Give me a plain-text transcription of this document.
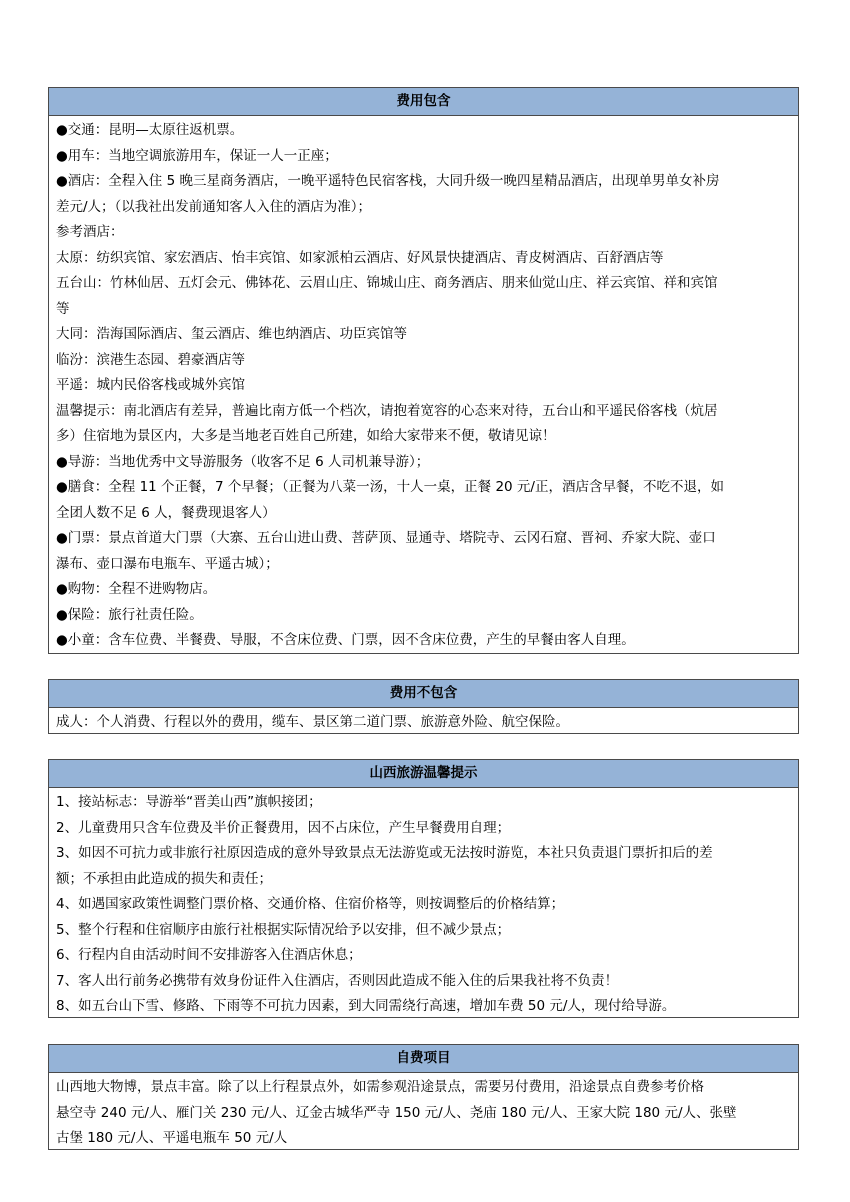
费用包含
●交通：昆明—太原往返机票。
●用车：当地空调旅游用车，保证一人一正座；
●酒店：全程入住 5 晚三星商务酒店，一晚平遥特色民宿客栈，大同升级一晚四星精品酒店，出现单男单女补房
差元/人；（以我社出发前通知客人入住的酒店为准）；
参考酒店：
太原：纺织宾馆、家宏酒店、怡丰宾馆、如家派柏云酒店、好风景快捷酒店、青皮树酒店、百舒酒店等
五台山：竹林仙居、五灯会元、佛钵花、云眉山庄、锦城山庄、商务酒店、朋来仙觉山庄、祥云宾馆、祥和宾馆
等
大同：浩海国际酒店、玺云酒店、维也纳酒店、功臣宾馆等
临汾：滨港生态园、碧豪酒店等
平遥：城内民俗客栈或城外宾馆
温馨提示：南北酒店有差异，普遍比南方低一个档次，请抱着宽容的心态来对待，五台山和平遥民俗客栈（炕居
多）住宿地为景区内，大多是当地老百姓自己所建，如给大家带来不便，敬请见谅！
●导游：当地优秀中文导游服务（收客不足 6 人司机兼导游）；
●膳食：全程 11 个正餐，7 个早餐；（正餐为八菜一汤，十人一桌，正餐 20 元/正，酒店含早餐，不吃不退，如
全团人数不足 6 人，餐费现退客人）
●门票：景点首道大门票（大寨、五台山进山费、菩萨顶、显通寺、塔院寺、云冈石窟、晋祠、乔家大院、壶口
瀑布、壶口瀑布电瓶车、平遥古城）；
●购物：全程不进购物店。
●保险：旅行社责任险。
●小童：含车位费、半餐费、导服，不含床位费、门票，因不含床位费，产生的早餐由客人自理。
费用不包含
成人：个人消费、行程以外的费用，缆车、景区第二道门票、旅游意外险、航空保险。
山西旅游温馨提示
1、接站标志：导游举“晋美山西”旗帜接团；
2、儿童费用只含车位费及半价正餐费用，因不占床位，产生早餐费用自理；
3、如因不可抗力或非旅行社原因造成的意外导致景点无法游览或无法按时游览，本社只负责退门票折扣后的差
额；不承担由此造成的损失和责任；
4、如遇国家政策性调整门票价格、交通价格、住宿价格等，则按调整后的价格结算；
5、整个行程和住宿顺序由旅行社根据实际情况给予以安排，但不减少景点；
6、行程内自由活动时间不安排游客入住酒店休息；
7、客人出行前务必携带有效身份证件入住酒店，否则因此造成不能入住的后果我社将不负责！
8、如五台山下雪、修路、下雨等不可抗力因素，到大同需绕行高速，增加车费 50 元/人，现付给导游。
自费项目
山西地大物博，景点丰富。除了以上行程景点外，如需参观沿途景点，需要另付费用，沿途景点自费参考价格
悬空寺 240 元/人、雁门关 230 元/人、辽金古城华严寺 150 元/人、尧庙 180 元/人、王家大院 180 元/人、张壁
古堡 180 元/人、平遥电瓶车 50 元/人
